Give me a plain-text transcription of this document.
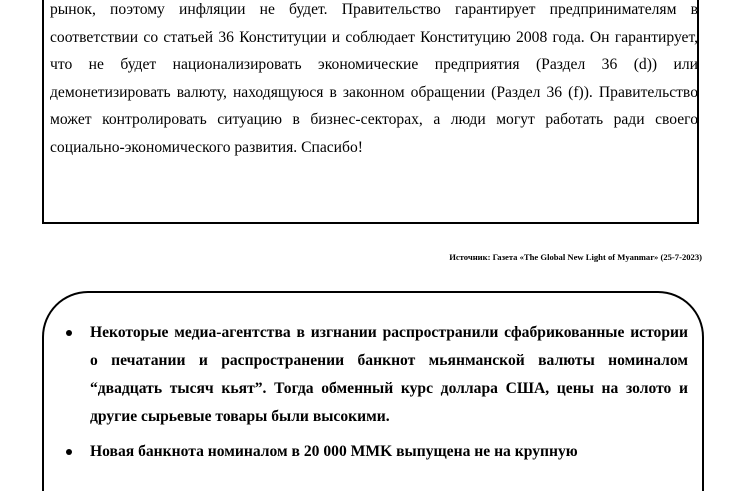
рынок, поэтому инфляции не будет. Правительство гарантирует предпринимателям в соответствии со статьей 36 Конституции и соблюдает Конституцию 2008 года. Он гарантирует, что не будет национализировать экономические предприятия (Раздел 36 (d)) или демонетизировать валюту, находящуюся в законном обращении (Раздел 36 (f)). Правительство может контролировать ситуацию в бизнес-секторах, а люди могут работать ради своего социально-экономического развития. Спасибо!

Источник: Газета «The Global New Light of Myanmar» (25-7-2023)
Некоторые медиа-агентства в изгнании распространили сфабрикованные истории о печатании и распространении банкнот мьянманской валюты номиналом “двадцать тысяч кьят”. Тогда обменный курс доллара США, цены на золото и другие сырьевые товары были высокими.
Новая банкнота номиналом в 20 000 MMK выпущена не на крупную
